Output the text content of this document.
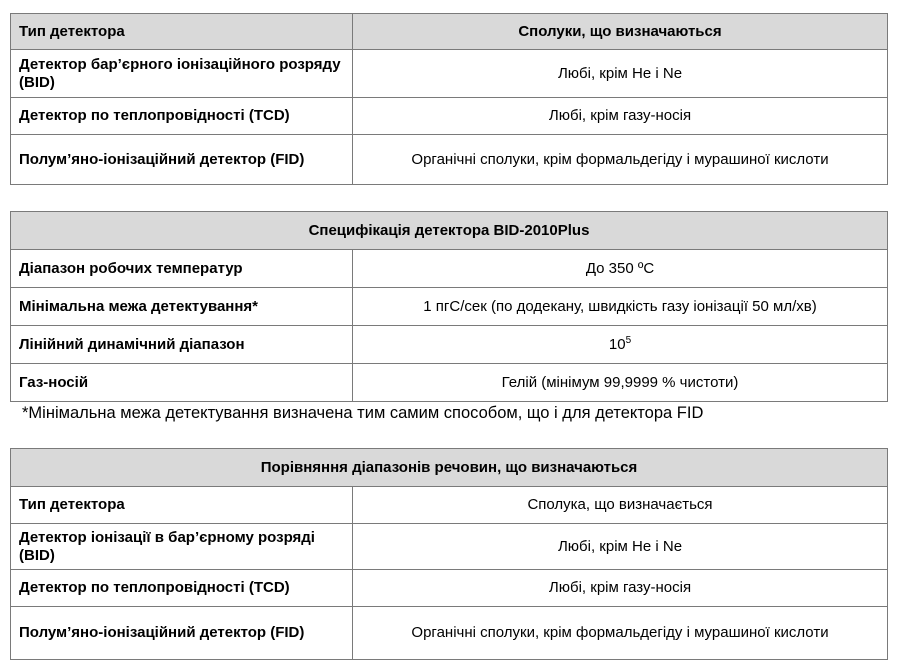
Тип детектора	Сполуки, що визначаються
Детектор бар’єрного іонізаційного розряду (BID)	Любі, крім He і Ne
Детектор по теплопровідності (TCD)	Любі, крім газу-носія
Полум’яно-іонізаційний детектор (FID)	Органічні сполуки, крім формальдегіду і мурашиної кислоти
Специфікація детектора BID-2010Plus	
Діапазон робочих температур	До 350 ºС
Мінімальна межа детектування*	1 пгС/сек (по додекану, швидкість газу іонізації 50 мл/хв)
Лінійний динамічний діапазон	$10^5$
Газ-носій	Гелій (мінімум 99,9999 % чистоти)
*Мінімальна межа детектування визначена тим самим способом, що і для детектора FID
Порівняння діапазонів речовин, що визначаються	
Тип детектора	Сполука, що визначається
Детектор іонізації в бар’єрному розряді (BID)	Любі, крім He і Ne
Детектор по теплопровідності (TCD)	Любі, крім газу-носія
Полум’яно-іонізаційний детектор (FID)	Органічні сполуки, крім формальдегіду і мурашиної кислоти
